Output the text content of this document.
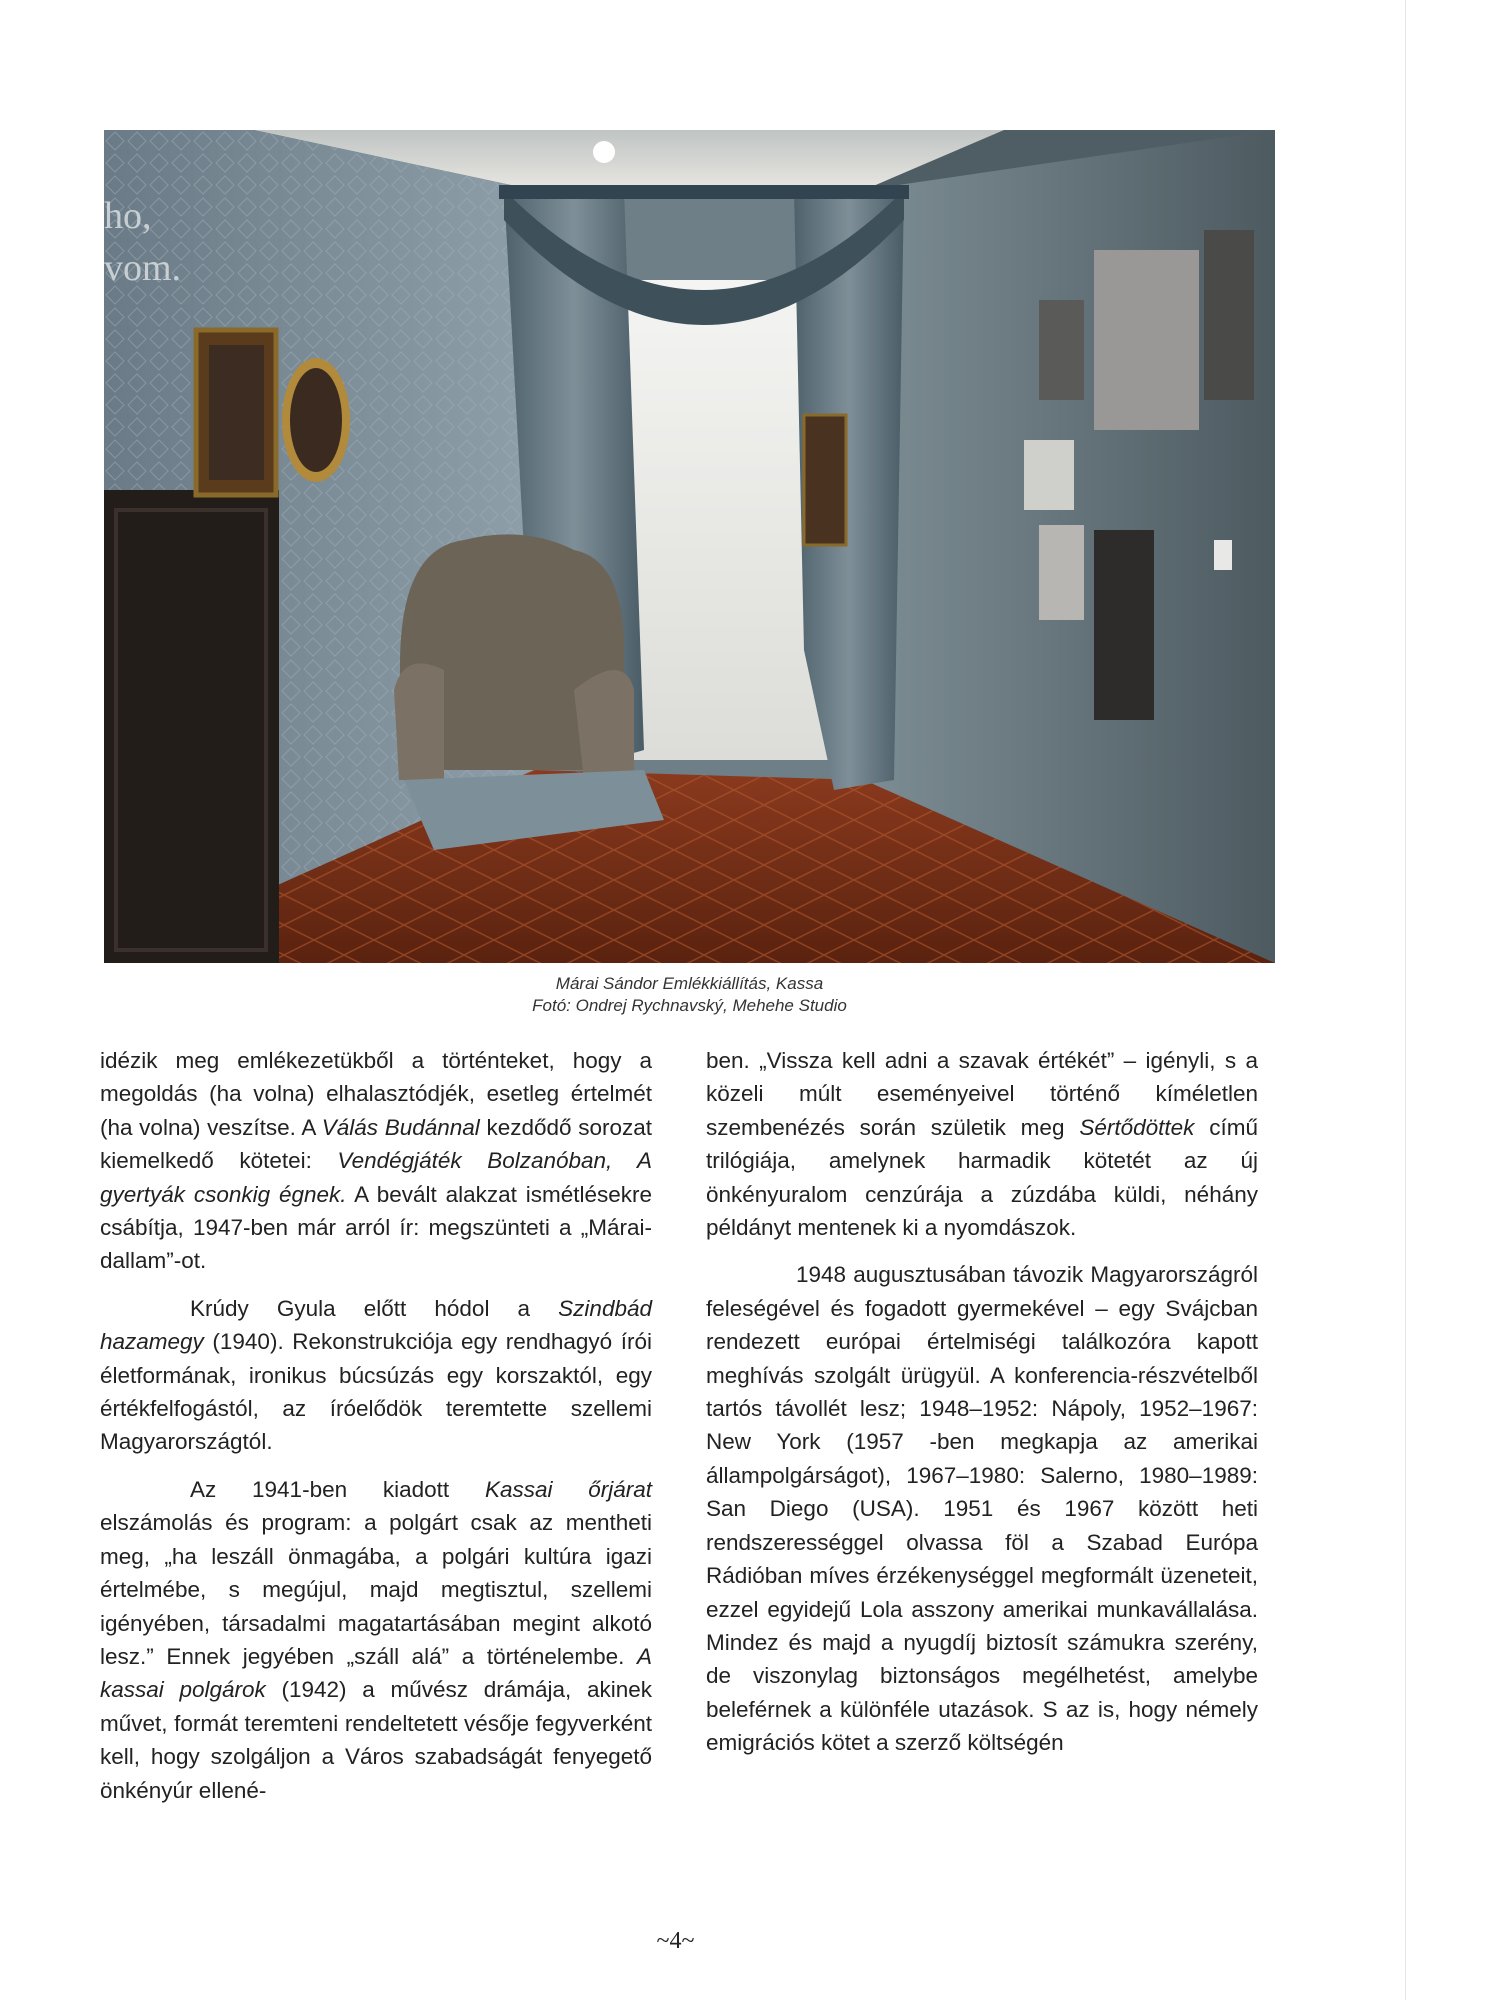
ho,
vom.
Márai Sándor Emlékkiállítás, Kassa
Fotó: Ondrej Rychnavský, Mehehe Studio

idézik meg emlékezetükből a történteket, hogy a megoldás (ha volna) elhalasztódjék, esetleg értelmét (ha volna) veszítse. A Válás Budánnal kezdődő sorozat kiemelkedő kötetei: Vendégjáték Bolzanóban, A gyertyák csonkig égnek. A bevált alakzat ismétlésekre csábítja, 1947-ben már arról ír: megszünteti a „Márai-dallam”-ot.

Krúdy Gyula előtt hódol a Szindbád hazamegy (1940). Rekonstrukciója egy rendhagyó írói életformának, ironikus búcsúzás egy korszaktól, egy értékfelfogástól, az íróelődök teremtette szellemi Magyarországtól.

Az 1941-ben kiadott Kassai őrjárat elszámolás és program: a polgárt csak az mentheti meg, „ha leszáll önmagába, a polgári kultúra igazi értelmébe, s megújul, majd megtisztul, szellemi igényében, társadalmi magatartásában megint alkotó lesz.” Ennek jegyében „száll alá” a történelembe. A kassai polgárok (1942) a művész drámája, akinek művet, formát teremteni rendeltetett vésője fegyverként kell, hogy szolgáljon a Város szabadságát fenyegető önkényúr ellené-

ben. „Vissza kell adni a szavak értékét” – igényli, s a közeli múlt eseményeivel történő kíméletlen szembenézés során születik meg Sértődöttek című trilógiája, amelynek harmadik kötetét az új önkényuralom cenzúrája a zúzdába küldi, néhány példányt mentenek ki a nyomdászok.

1948 augusztusában távozik Magyarországról feleségével és fogadott gyermekével – egy Svájcban rendezett európai értelmiségi találkozóra kapott meghívás szolgált ürügyül. A konferencia-részvételből tartós távollét lesz; 1948–1952: Nápoly, 1952–1967: New York (1957 -ben megkapja az amerikai állampolgárságot), 1967–1980: Salerno, 1980–1989: San Diego (USA). 1951 és 1967 között heti rendszerességgel olvassa föl a Szabad Európa Rádióban míves érzékenységgel megformált üzeneteit, ezzel egyidejű Lola asszony amerikai munkavállalása. Mindez és majd a nyugdíj biztosít számukra szerény, de viszonylag biztonságos megélhetést, amelybe beleférnek a különféle utazások. S az is, hogy némely emigrációs kötet a szerző költségén

~4~
